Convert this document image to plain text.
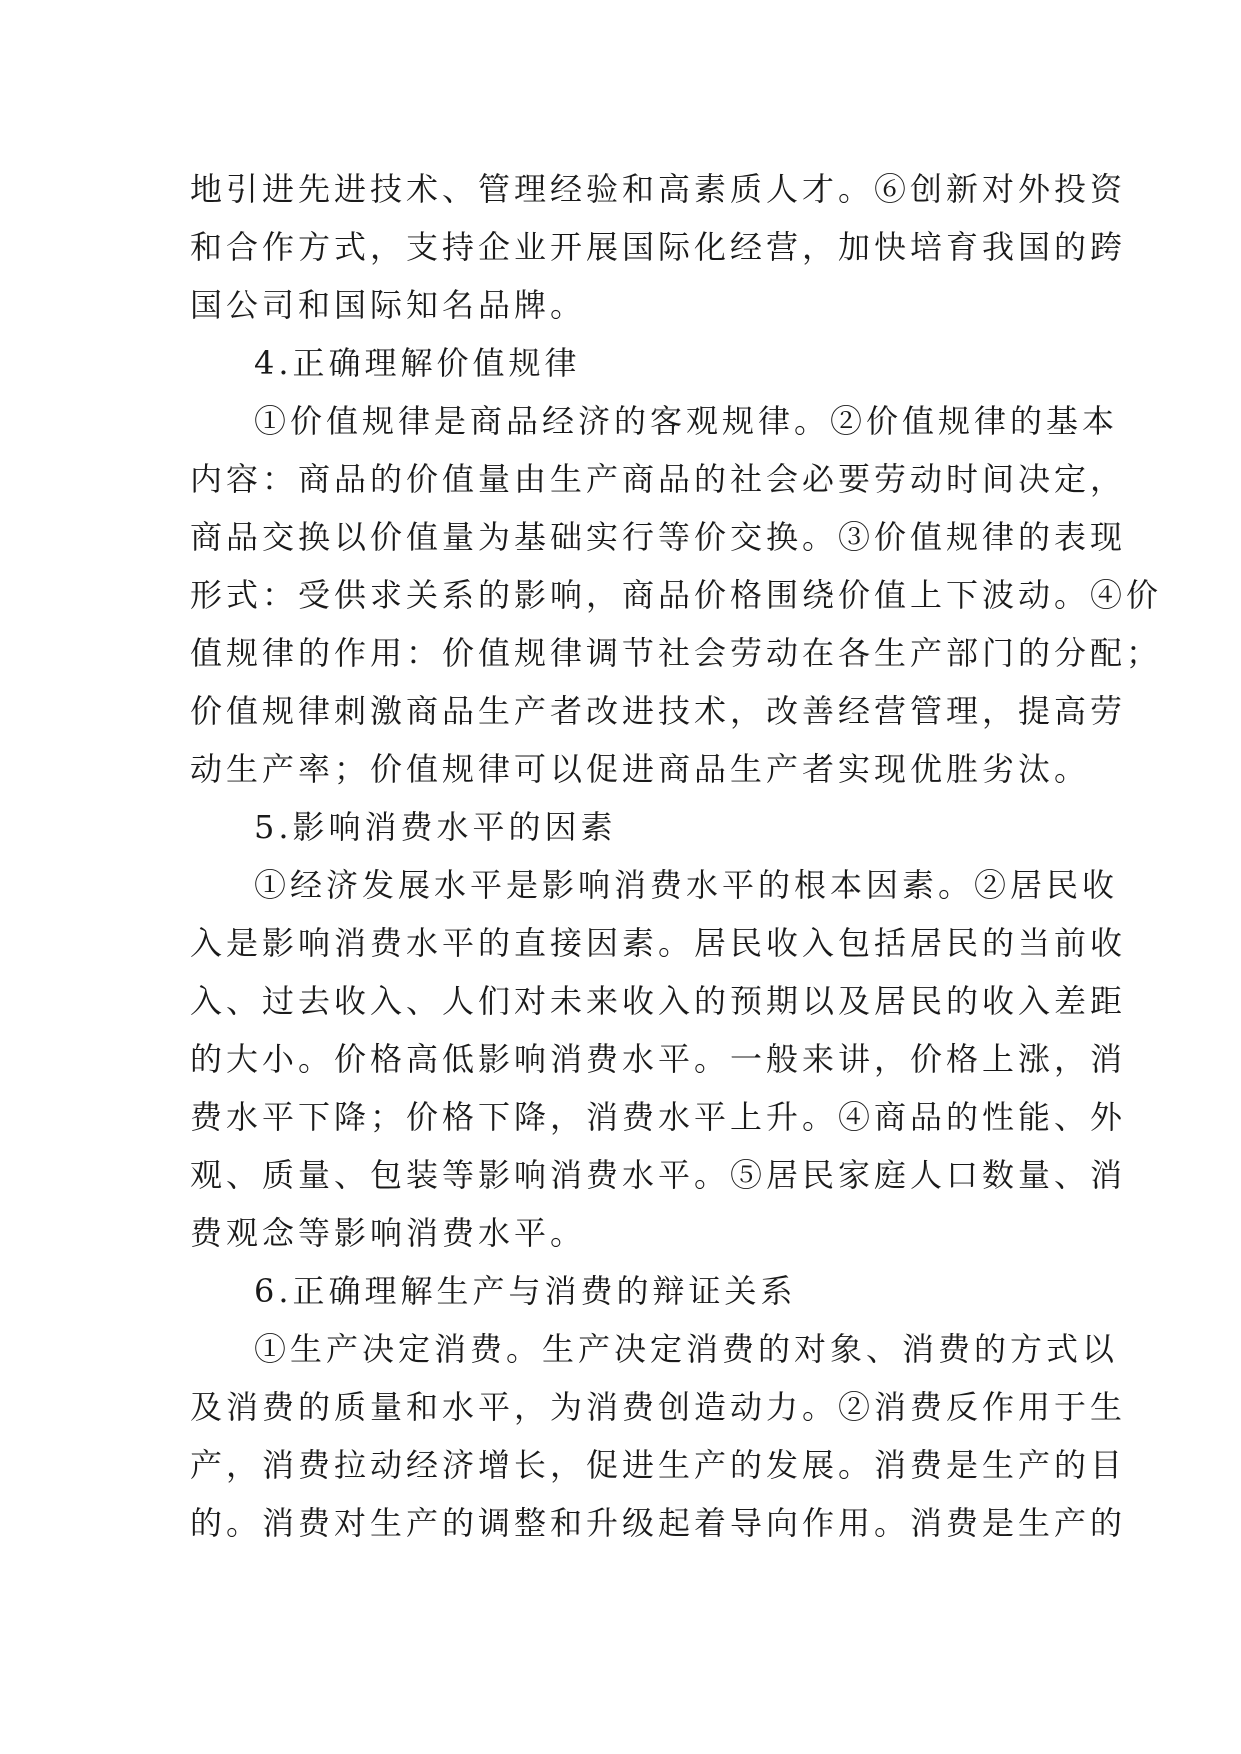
地引进先进技术、管理经验和高素质人才。⑥创新对外投资
和合作方式，支持企业开展国际化经营，加快培育我国的跨
国公司和国际知名品牌。
4.正确理解价值规律
①价值规律是商品经济的客观规律。②价值规律的基本
内容：商品的价值量由生产商品的社会必要劳动时间决定，
商品交换以价值量为基础实行等价交换。③价值规律的表现
形式：受供求关系的影响，商品价格围绕价值上下波动。④价
值规律的作用：价值规律调节社会劳动在各生产部门的分配；
价值规律刺激商品生产者改进技术，改善经营管理，提高劳
动生产率；价值规律可以促进商品生产者实现优胜劣汰。
5.影响消费水平的因素
①经济发展水平是影响消费水平的根本因素。②居民收
入是影响消费水平的直接因素。居民收入包括居民的当前收
入、过去收入、人们对未来收入的预期以及居民的收入差距
的大小。价格高低影响消费水平。一般来讲，价格上涨，消
费水平下降；价格下降，消费水平上升。④商品的性能、外
观、质量、包装等影响消费水平。⑤居民家庭人口数量、消
费观念等影响消费水平。
6.正确理解生产与消费的辩证关系
①生产决定消费。生产决定消费的对象、消费的方式以
及消费的质量和水平，为消费创造动力。②消费反作用于生
产，消费拉动经济增长，促进生产的发展。消费是生产的目
的。消费对生产的调整和升级起着导向作用。消费是生产的
